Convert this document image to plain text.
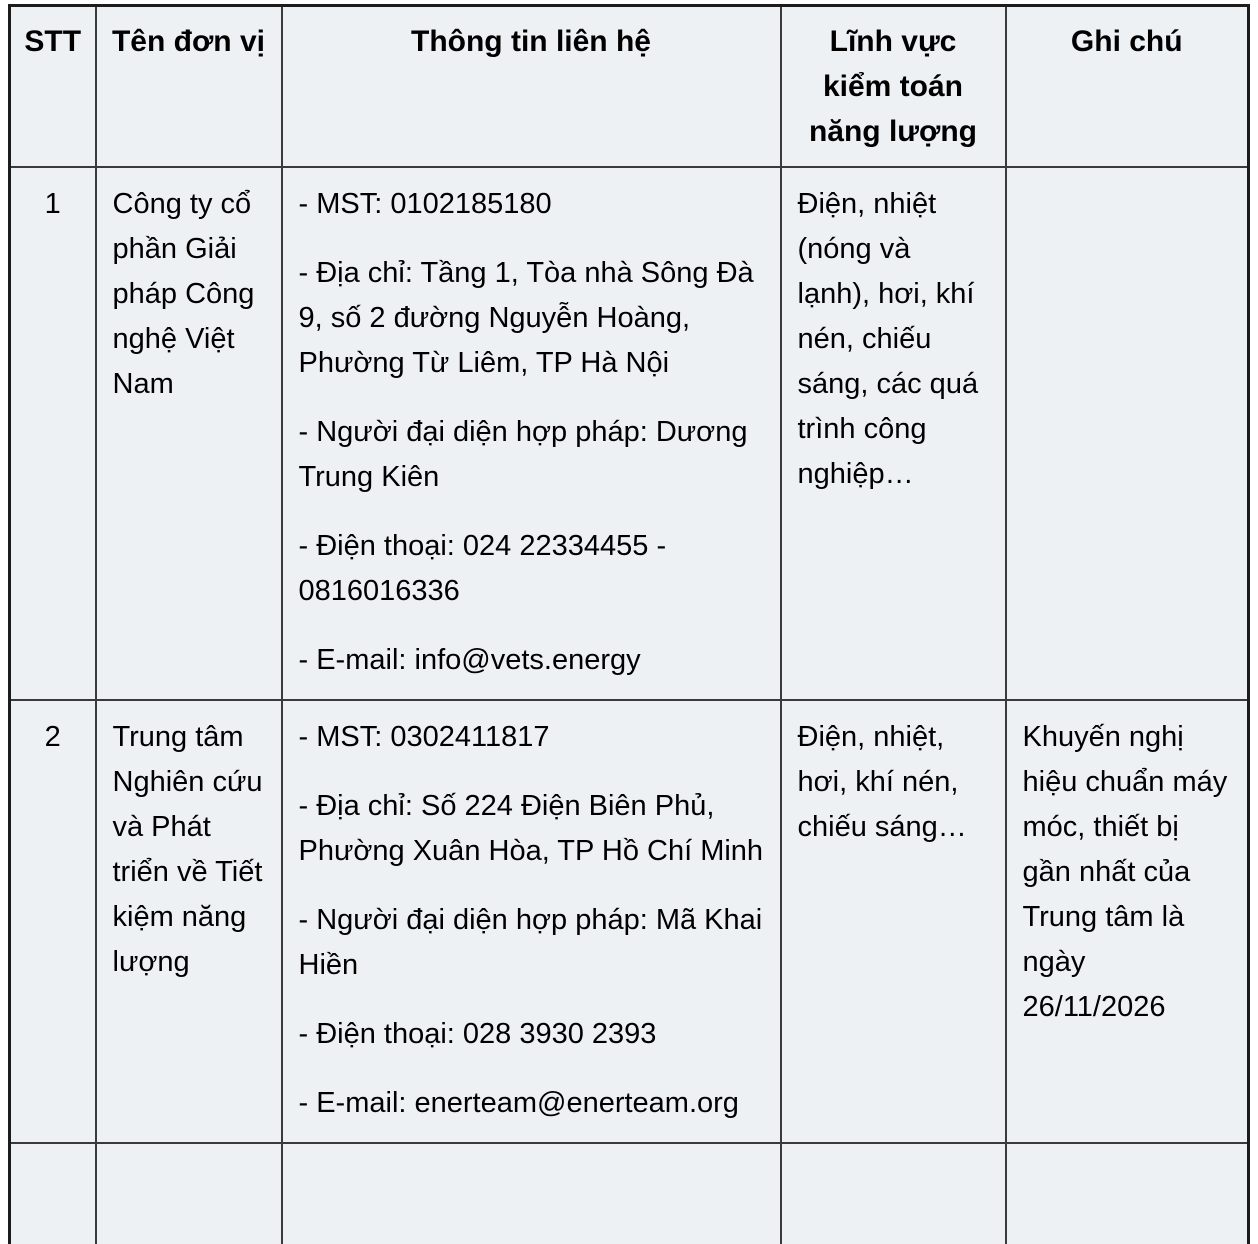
STT	Tên đơn vị	Thông tin liên hệ	Lĩnh vực kiểm toán năng lượng	Ghi chú
1	Công ty cổ phần Giải pháp Công nghệ Việt Nam	- MST: 0102185180

- Địa chỉ: Tầng 1, Tòa nhà Sông Đà 9, số 2 đường Nguyễn Hoàng, Phường Từ Liêm, TP Hà Nội

- Người đại diện hợp pháp: Dương Trung Kiên

- Điện thoại: 024 22334455 - 0816016336

- E-mail: info@vets.energy	Điện, nhiệt (nóng và lạnh), hơi, khí nén, chiếu sáng, các quá trình công nghiệp…	
2	Trung tâm Nghiên cứu và Phát triển về Tiết kiệm năng lượng	- MST: 0302411817

- Địa chỉ: Số 224 Điện Biên Phủ, Phường Xuân Hòa, TP Hồ Chí Minh

- Người đại diện hợp pháp: Mã Khai Hiền

- Điện thoại: 028 3930 2393

- E-mail: enerteam@enerteam.org	Điện, nhiệt, hơi, khí nén, chiếu sáng…	Khuyến nghị hiệu chuẩn máy móc, thiết bị gần nhất của Trung tâm là ngày 26/11/2026
